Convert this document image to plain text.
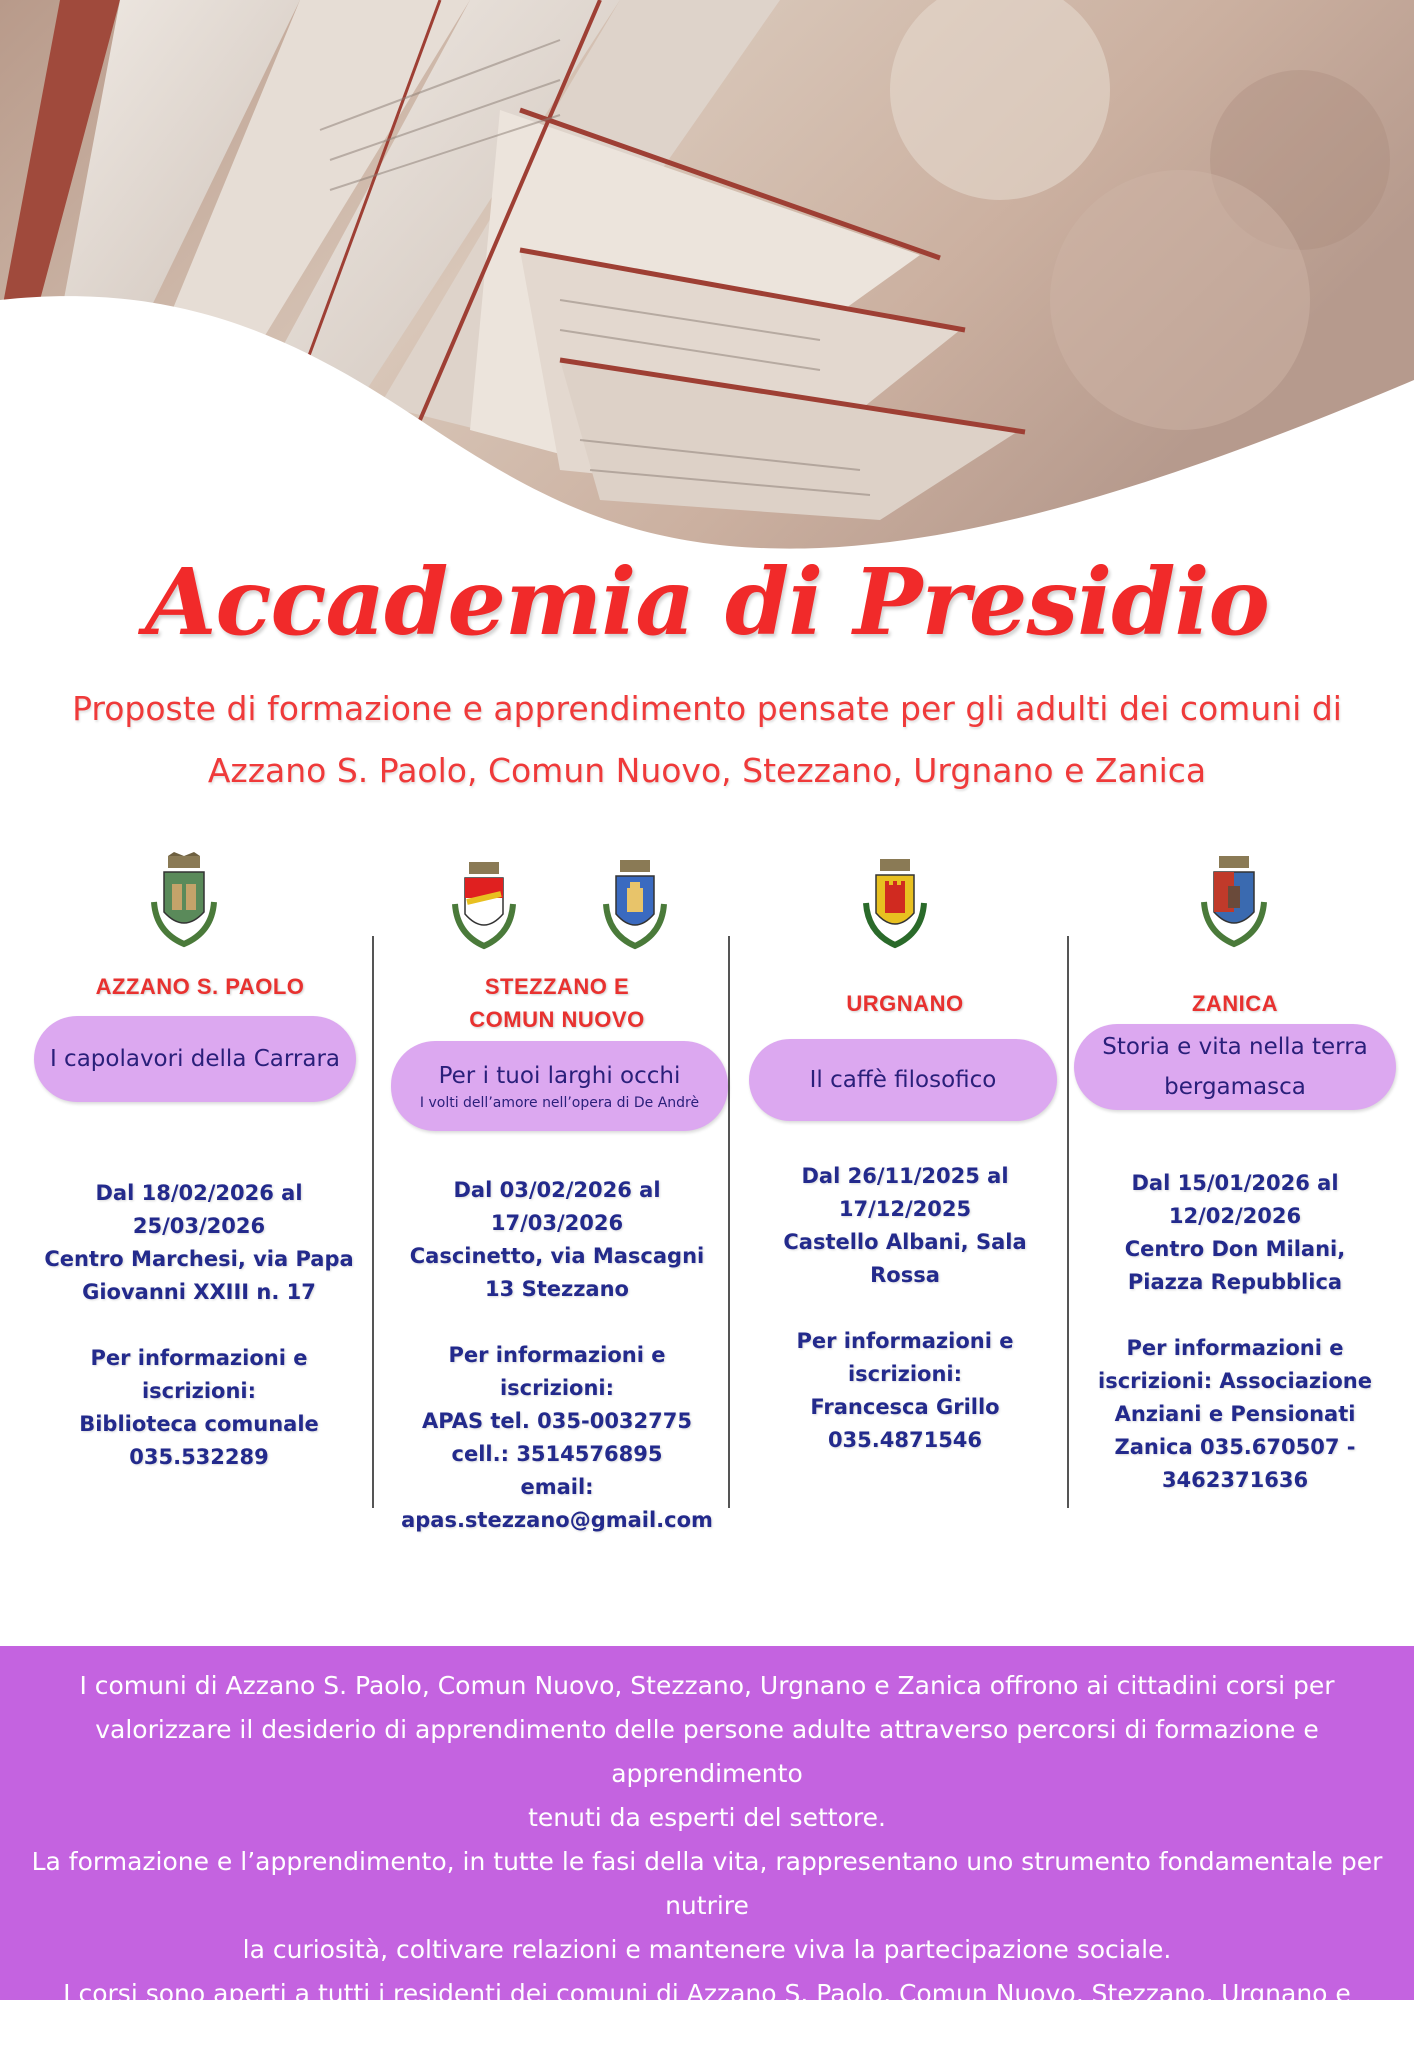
Accademia di Presidio
Proposte di formazione e apprendimento pensate per gli adulti dei comuni di
Azzano S. Paolo, Comun Nuovo, Stezzano, Urgnano e Zanica
AZZANO S. PAOLO
I capolavori della Carrara

Dal 18/02/2026 al

25/03/2026

Centro Marchesi, via Papa

Giovanni XXIII n. 17

Per informazioni e

iscrizioni:

Biblioteca comunale

035.532289

STEZZANO E
COMUN NUOVO
Per i tuoi larghi occhi
I volti dell’amore nell’opera di De Andrè

Dal 03/02/2026 al

17/03/2026

Cascinetto, via Mascagni

13 Stezzano

Per informazioni e

iscrizioni:

APAS tel. 035-0032775

cell.: 3514576895

email:

apas.stezzano@gmail.com

URGNANO
Il caffè filosofico

Dal 26/11/2025 al

17/12/2025

Castello Albani, Sala

Rossa

Per informazioni e

iscrizioni:

Francesca Grillo

035.4871546

ZANICA
Storia e vita nella terra
bergamasca

Dal 15/01/2026 al

12/02/2026

Centro Don Milani,

Piazza Repubblica

Per informazioni e

iscrizioni: Associazione

Anziani e Pensionati

Zanica 035.670507 -

3462371636

I comuni di Azzano S. Paolo, Comun Nuovo, Stezzano, Urgnano e Zanica offrono ai cittadini corsi per

valorizzare il desiderio di apprendimento delle persone adulte attraverso percorsi di formazione e apprendimento

tenuti da esperti del settore.

La formazione e l’apprendimento, in tutte le fasi della vita, rappresentano uno strumento fondamentale per nutrire

la curiosità, coltivare relazioni e mantenere viva la partecipazione sociale.

I corsi sono aperti a tutti i residenti dei comuni di Azzano S. Paolo, Comun Nuovo, Stezzano, Urgnano e Zanica.
